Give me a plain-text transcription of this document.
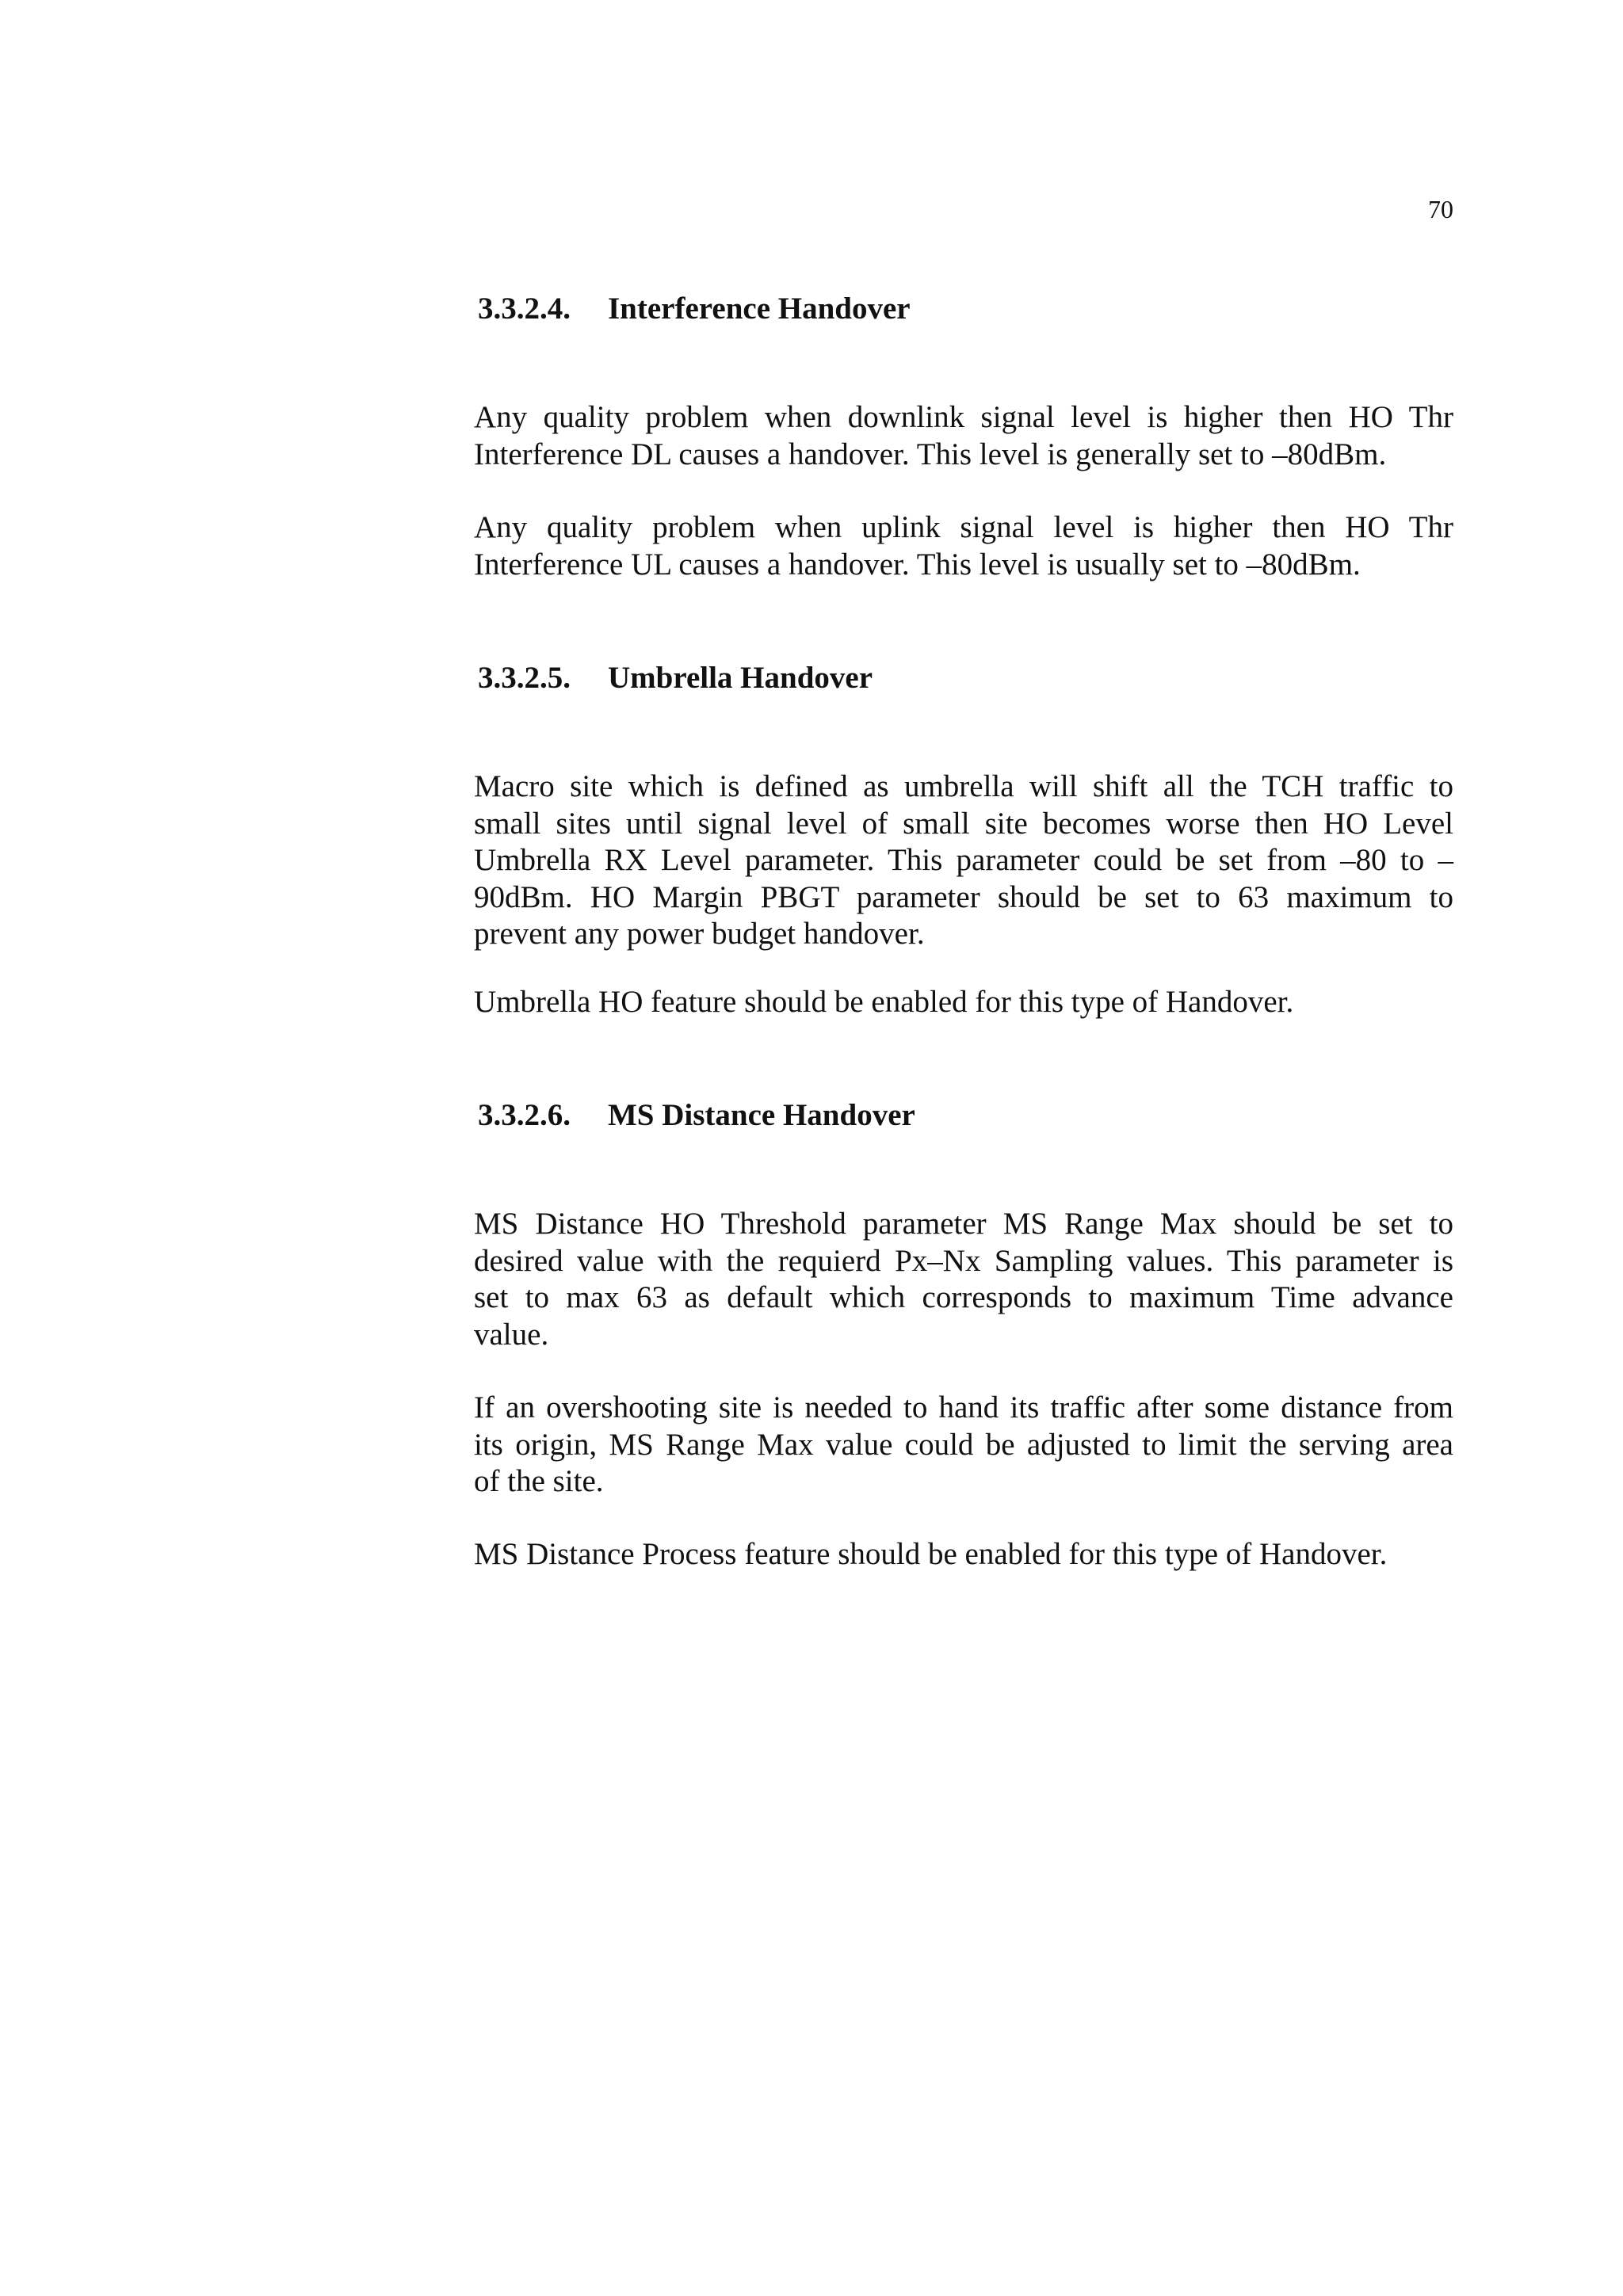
70
3.3.2.4. Interference Handover

Any quality problem when downlink signal level is higher then HO Thr
Interference DL causes a handover. This level is generally set to –80dBm.

Any quality problem when uplink signal level is higher then HO Thr
Interference UL causes a handover. This level is usually set to –80dBm.

3.3.2.5. Umbrella Handover

Macro site which is defined as umbrella will shift all the TCH traffic to
small sites until signal level of small site becomes worse then HO Level
Umbrella RX Level parameter. This parameter could be set from –80 to –
90dBm. HO Margin PBGT parameter should be set to 63 maximum to
prevent any power budget handover.

Umbrella HO feature should be enabled for this type of Handover.

3.3.2.6. MS Distance Handover

MS Distance HO Threshold parameter MS Range Max should be set to
desired value with the requierd Px–Nx Sampling values. This parameter is
set to max 63 as default which corresponds to maximum Time advance
value.

If an overshooting site is needed to hand its traffic after some distance from
its origin, MS Range Max value could be adjusted to limit the serving area
of the site.

MS Distance Process feature should be enabled for this type of Handover.
